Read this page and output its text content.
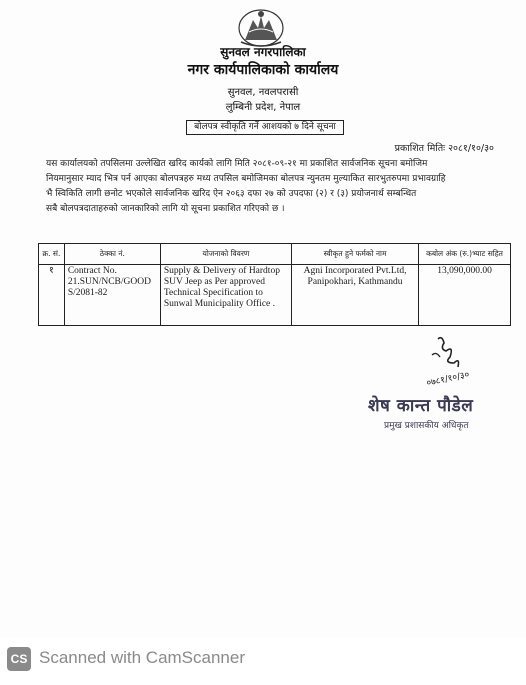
सुनवल नगरपालिका
नगर कार्यपालिकाको कार्यालय
सुनवल, नवलपरासी
लुम्बिनी प्रदेश, नेपाल
बोलपत्र स्वीकृति गर्ने आशयको ७ दिने सूचना
प्रकाशित मितिः २०८१/१०/३०
यस कार्यालयको तपसिलमा उल्लेखित खरिद कार्यको लागि मिति २०८१-०९-२१ मा प्रकाशित सार्वजनिक सूचना बमोजिम
नियमानुसार म्याद भित्र पर्न आएका बोलपत्रहरु मध्य तपसिल बमोजिमका बोलपत्र न्युनतम मुल्याकित सारभुतरुपमा प्रभावग्राहि
भै स्विकिति लागी छनोट भएकोले सार्वजनिक खरिद ऐन २०६३ दफा २७ को उपदफा (२) र (३) प्रयोजनार्थ सम्बन्धित
सबै बोलपत्रदाताहरुको जानकारिको लागि यो सूचना प्रकाशित गरिएको छ ।
क्र. सं.	ठेक्का नं.	योजनाको विवरण	स्वीकृत हुने फर्मको नाम	कबोल अंक (रु.)भ्याट सहित
१	Contract No. 21.SUN/NCB/GOOD S/2081-82	Supply & Delivery of Hardtop SUV Jeep as Per approved Technical Specification to Sunwal Municipality Office .	Agni Incorporated Pvt.Ltd, Panipokhari, Kathmandu	13,090,000.00
०७८१/१०/३०
शेष कान्त पौडेल
प्रमुख प्रशासकीय अधिकृत
CS Scanned with CamScanner
